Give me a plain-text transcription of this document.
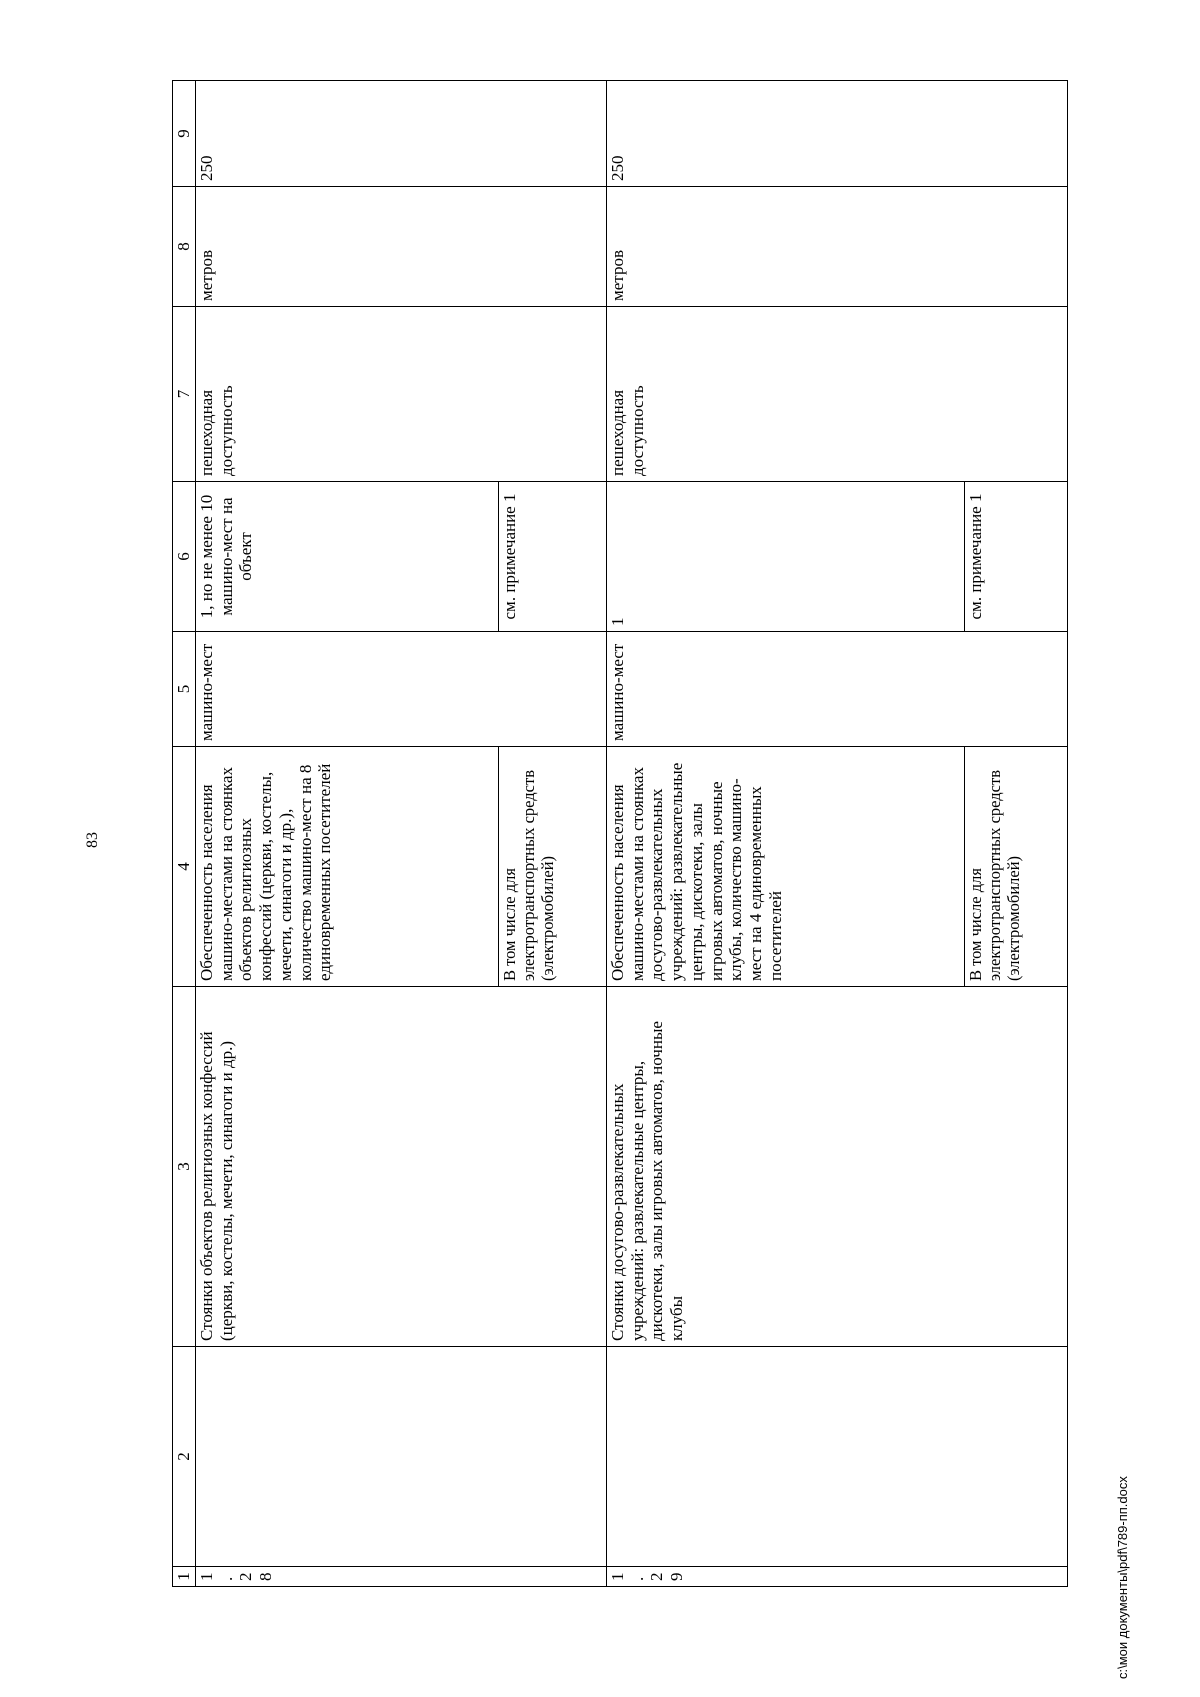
83
1	2	3	4	5	6	7	8	9
1.28		Стоянки объектов религиозных конфессий (церкви, костелы, мечети, синагоги и др.)	Обеспеченность населения машино-местами на стоянках объектов религиозных конфессий (церкви, костелы, мечети, синагоги и др.), количество машино-мест на 8 единовременных посетителей	машино-мест	1, но не менее 10 машино-мест на объект	пешеходная доступность	метров	250
			В том числе для электротранспортных средств (электромобилей)		см. примечание 1			
1.29		Стоянки досугово-развлекательных учреждений: развлекательные центры, дискотеки, залы игровых автоматов, ночные клубы	Обеспеченность населения машино-местами на стоянках досугово-развлекательных учреждений: развлекательные центры, дискотеки, залы игровых автоматов, ночные клубы, количество машино-мест на 4 единовременных посетителей	машино-мест	1	пешеходная доступность	метров	250
			В том числе для электротранспортных средств (электромобилей)		см. примечание 1			
c:\мои документы\pdf\789-пп.docx
